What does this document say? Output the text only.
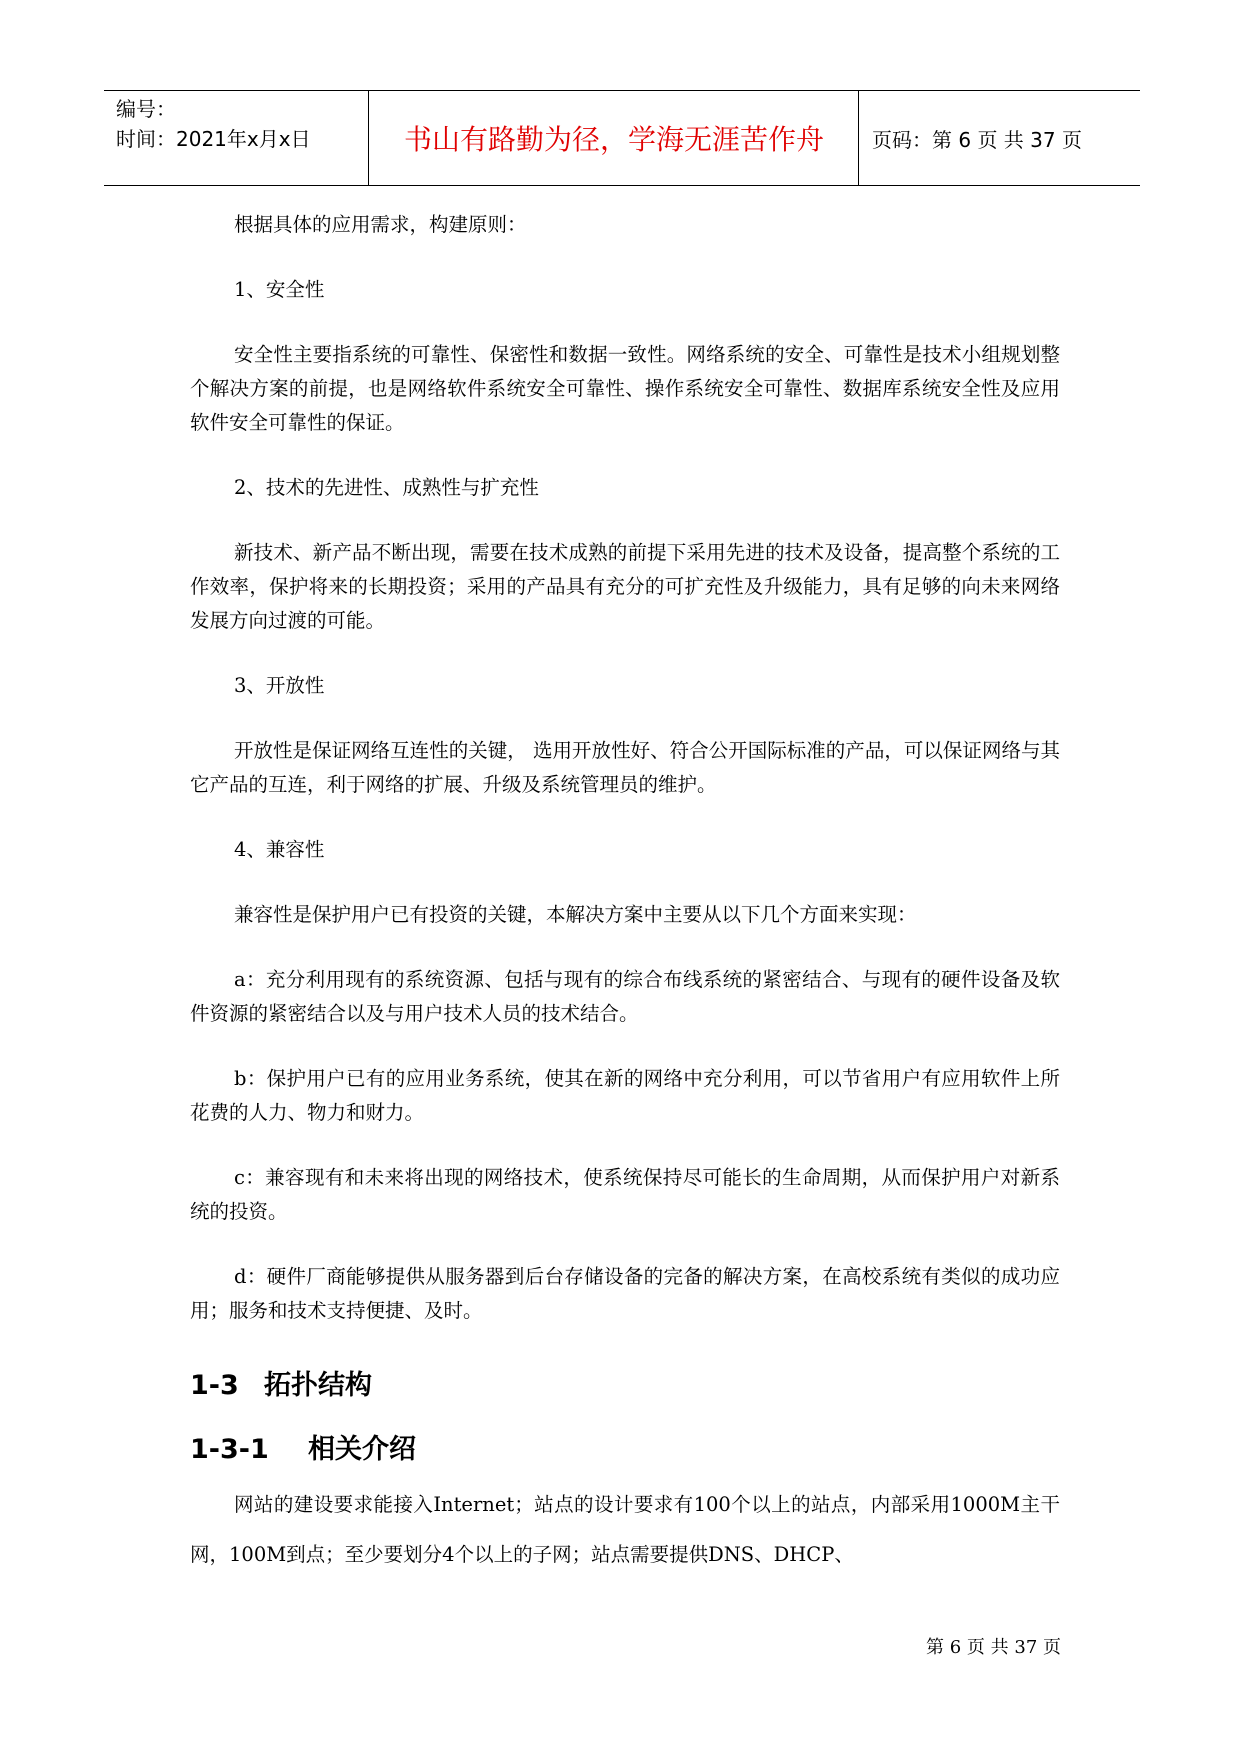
编号：
时间：2021年x月x日	书山有路勤为径，学海无涯苦作舟	页码：第 6 页 共 37 页

根据具体的应用需求，构建原则：

1、安全性

安全性主要指系统的可靠性、保密性和数据一致性。网络系统的安全、可靠性是技术小组规划整个解决方案的前提，也是网络软件系统安全可靠性、操作系统安全可靠性、数据库系统安全性及应用软件安全可靠性的保证。

2、技术的先进性、成熟性与扩充性

新技术、新产品不断出现，需要在技术成熟的前提下采用先进的技术及设备，提高整个系统的工作效率，保护将来的长期投资；采用的产品具有充分的可扩充性及升级能力，具有足够的向未来网络发展方向过渡的可能。

3、开放性

开放性是保证网络互连性的关键， 选用开放性好、符合公开国际标准的产品，可以保证网络与其它产品的互连，利于网络的扩展、升级及系统管理员的维护。

4、兼容性

兼容性是保护用户已有投资的关键，本解决方案中主要从以下几个方面来实现：

a：充分利用现有的系统资源、包括与现有的综合布线系统的紧密结合、与现有的硬件设备及软件资源的紧密结合以及与用户技术人员的技术结合。

b：保护用户已有的应用业务系统，使其在新的网络中充分利用，可以节省用户有应用软件上所花费的人力、物力和财力。

c：兼容现有和未来将出现的网络技术，使系统保持尽可能长的生命周期，从而保护用户对新系统的投资。

d：硬件厂商能够提供从服务器到后台存储设备的完备的解决方案，在高校系统有类似的成功应用；服务和技术支持便捷、及时。

1-3 拓扑结构
1-3-1 相关介绍

网站的建设要求能接入Internet；站点的设计要求有100个以上的站点，内部采用1000M主干网，100M到点；至少要划分4个以上的子网；站点需要提供DNS、DHCP、

第 6 页 共 37 页
